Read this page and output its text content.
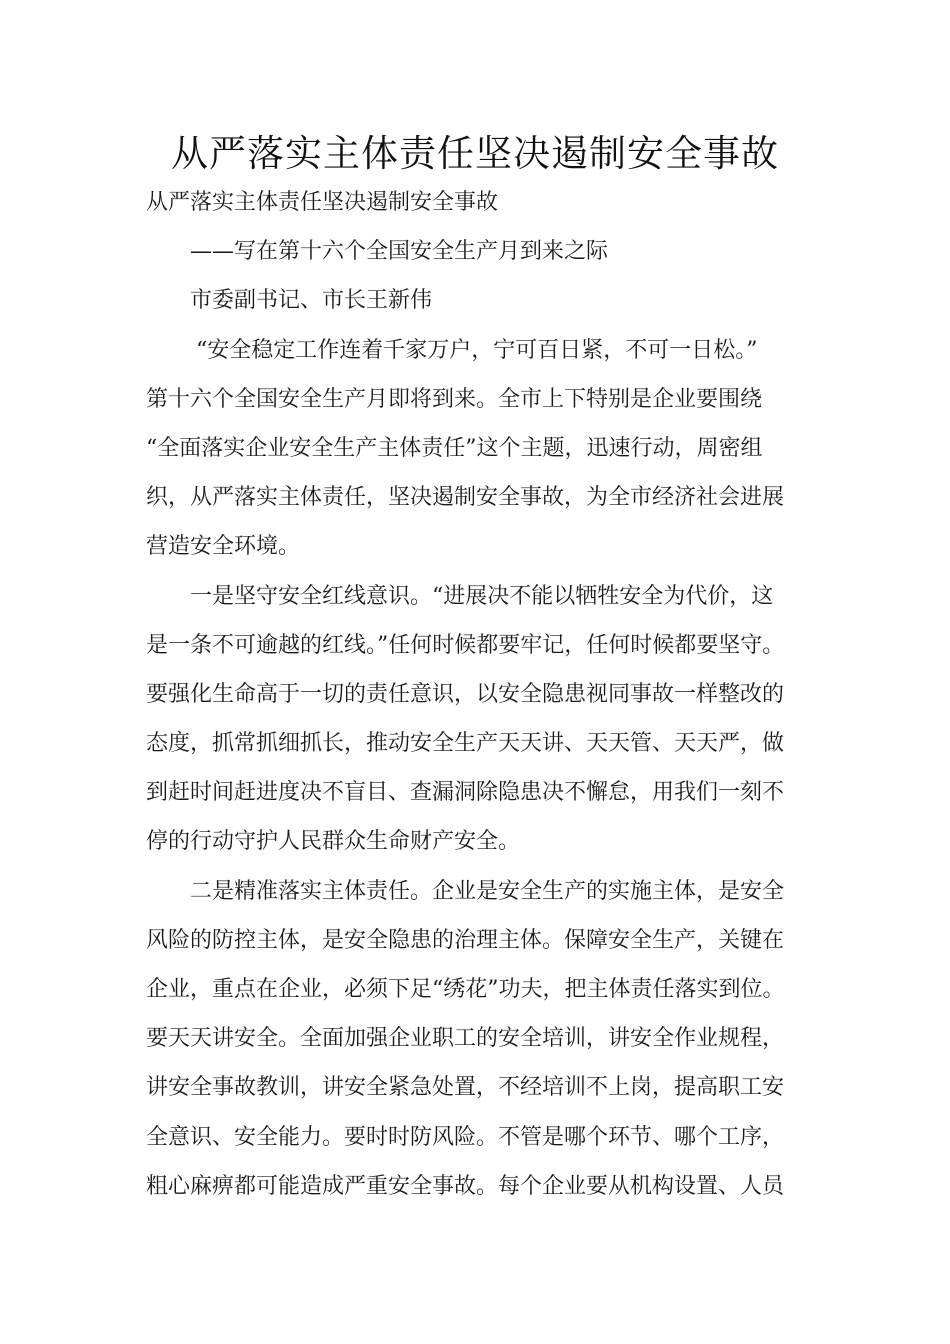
从严落实主体责任坚决遏制安全事故
从严落实主体责任坚决遏制安全事故
——写在第十六个全国安全生产月到来之际
市委副书记、市长王新伟
“安全稳定工作连着千家万户，宁可百日紧，不可一日松。”
第十六个全国安全生产月即将到来。全市上下特别是企业要围绕
“全面落实企业安全生产主体责任”这个主题，迅速行动，周密组
织，从严落实主体责任，坚决遏制安全事故，为全市经济社会进展
营造安全环境。
一是坚守安全红线意识。“进展决不能以牺牲安全为代价，这
是一条不可逾越的红线。”任何时候都要牢记，任何时候都要坚守。
要强化生命高于一切的责任意识，以安全隐患视同事故一样整改的
态度，抓常抓细抓长，推动安全生产天天讲、天天管、天天严，做
到赶时间赶进度决不盲目、查漏洞除隐患决不懈怠，用我们一刻不
停的行动守护人民群众生命财产安全。
二是精准落实主体责任。企业是安全生产的实施主体，是安全
风险的防控主体，是安全隐患的治理主体。保障安全生产，关键在
企业，重点在企业，必须下足“绣花”功夫，把主体责任落实到位。
要天天讲安全。全面加强企业职工的安全培训，讲安全作业规程，
讲安全事故教训，讲安全紧急处置，不经培训不上岗，提高职工安
全意识、安全能力。要时时防风险。不管是哪个环节、哪个工序，
粗心麻痹都可能造成严重安全事故。每个企业要从机构设置、人员
